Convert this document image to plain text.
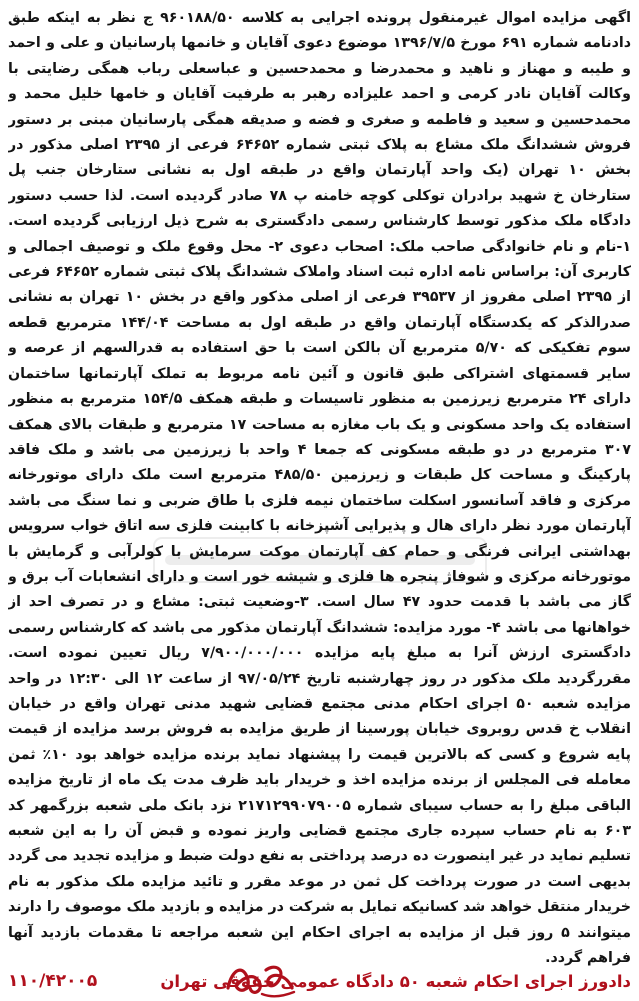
اگهی مزایده اموال غیرمنقول پرونده اجرایی به کلاسه ۹۶۰۱۸۸/۵۰ ج نظر به اینکه طبق دادنامه شماره ۶۹۱ مورخ ۱۳۹۶/۷/۵ موضوع دعوی آقایان و خانمها پارسانیان و علی و احمد و طیبه و مهناز و ناهید و محمدرضا و محمدحسین و عباسعلی رباب همگی رضایتی با وکالت آقایان نادر کرمی و احمد علیزاده رهبر به طرفیت آقایان و خامها خلیل محمد و محمدحسین و سعید و فاطمه و صغری و فضه و صدیقه همگی پارسانیان مبنی بر دستور فروش ششدانگ ملک مشاع به پلاک ثبتی شماره ۶۴۶۵۲ فرعی از ۲۳۹۵ اصلی مذکور در بخش ۱۰ تهران (یک واحد آپارتمان واقع در طبقه اول به نشانی ستارخان جنب پل ستارخان خ شهید برادران توکلی کوچه خامنه پ ۷۸ صادر گردیده است. لذا حسب دستور دادگاه ملک مذکور توسط کارشناس رسمی دادگستری به شرح ذیل ارزیابی گردیده است. ۱-نام و نام خانوادگی صاحب ملک: اصحاب دعوی ۲- محل وقوع ملک و توصیف اجمالی و کاربری آن: براساس نامه اداره ثبت اسناد واملاک ششدانگ پلاک ثبتی شماره ۶۴۶۵۲ فرعی از ۲۳۹۵ اصلی مفروز از ۳۹۵۳۷ فرعی از اصلی مذکور واقع در بخش ۱۰ تهران به نشانی صدرالذکر که یکدستگاه آپارتمان واقع در طبقه اول به مساحت ۱۴۴/۰۴ مترمربع قطعه سوم تفکیکی که ۵/۷۰ مترمربع آن بالکن است با حق استفاده به قدرالسهم از عرصه و سایر قسمتهای اشتراکی طبق قانون و آئین نامه مربوط به تملک آپارتمانها ساختمان دارای ۲۴ مترمربع زیرزمین به منظور تاسیسات و طبقه همکف ۱۵۴/۵ مترمربع به منظور استفاده یک واحد مسکونی و یک باب مغازه به مساحت ۱۷ مترمربع و طبقات بالای همکف ۳۰۷ مترمربع در دو طبقه مسکونی که جمعا ۴ واحد با زیرزمین می باشد و ملک فاقد پارکینگ و مساحت کل طبقات و زیرزمین ۴۸۵/۵۰ مترمربع است ملک دارای موتورخانه مرکزی و فاقد آسانسور اسکلت ساختمان نیمه فلزی با طاق ضربی و نما سنگ می باشد آپارتمان مورد نظر دارای هال و پذیرایی آشپزخانه با کابینت فلزی سه اتاق خواب سرویس بهداشتی ایرانی فرنگی و حمام کف آپارتمان موکت سرمایش با کولرآبی و گرمایش با موتورخانه مرکزی و شوفاژ پنجره ها فلزی و شیشه خور است و دارای انشعابات آب برق و گاز می باشد با قدمت حدود ۴۷ سال است. ۳-وضعیت ثبتی: مشاع و در تصرف احد از خواهانها می باشد ۴- مورد مزایده: ششدانگ آپارتمان مذکور می باشد که کارشناس رسمی دادگستری ارزش آنرا به مبلغ پایه مزایده ۷/۹۰۰/۰۰۰/۰۰۰ ریال تعیین نموده است. مقررگردید ملک مذکور در روز چهارشنبه تاریخ ۹۷/۰۵/۲۴ از ساعت ۱۲ الی ۱۲:۳۰ در واحد مزایده شعبه ۵۰ اجرای احکام مدنی مجتمع قضایی شهید مدنی تهران واقع در خیابان انقلاب خ قدس روبروی خیابان پورسینا از طریق مزایده به فروش برسد مزایده از قیمت پایه شروع و کسی که بالاترین قیمت را پیشنهاد نماید برنده مزایده خواهد بود ۱۰٪ ثمن معامله فی المجلس از برنده مزایده اخذ و خریدار باید ظرف مدت یک ماه از تاریخ مزایده الباقی مبلغ را به حساب سیبای شماره ۲۱۷۱۲۹۹۰۷۹۰۰۵ نزد بانک ملی شعبه بزرگمهر کد ۶۰۳ به نام حساب سپرده جاری مجتمع قضایی واریز نموده و قبض آن را به این شعبه تسلیم نماید در غیر اینصورت ده درصد پرداختی به نفع دولت ضبط و مزایده تجدید می گردد بدیهی است در صورت پرداخت کل ثمن در موعد مقرر و تائید مزایده ملک مذکور به نام خریدار منتقل خواهد شد کسانیکه تمایل به شرکت در مزایده و بازدید ملک موصوف را دارند میتوانند ۵ روز قبل از مزایده به اجرای احکام این شعبه مراجعه تا مقدمات بازدید آنها فراهم گردد.

دادورز اجرای احکام شعبه ۵۰ دادگاه عمومی حقوقی تهران
۱۱۰/۴۲۰۰۵
